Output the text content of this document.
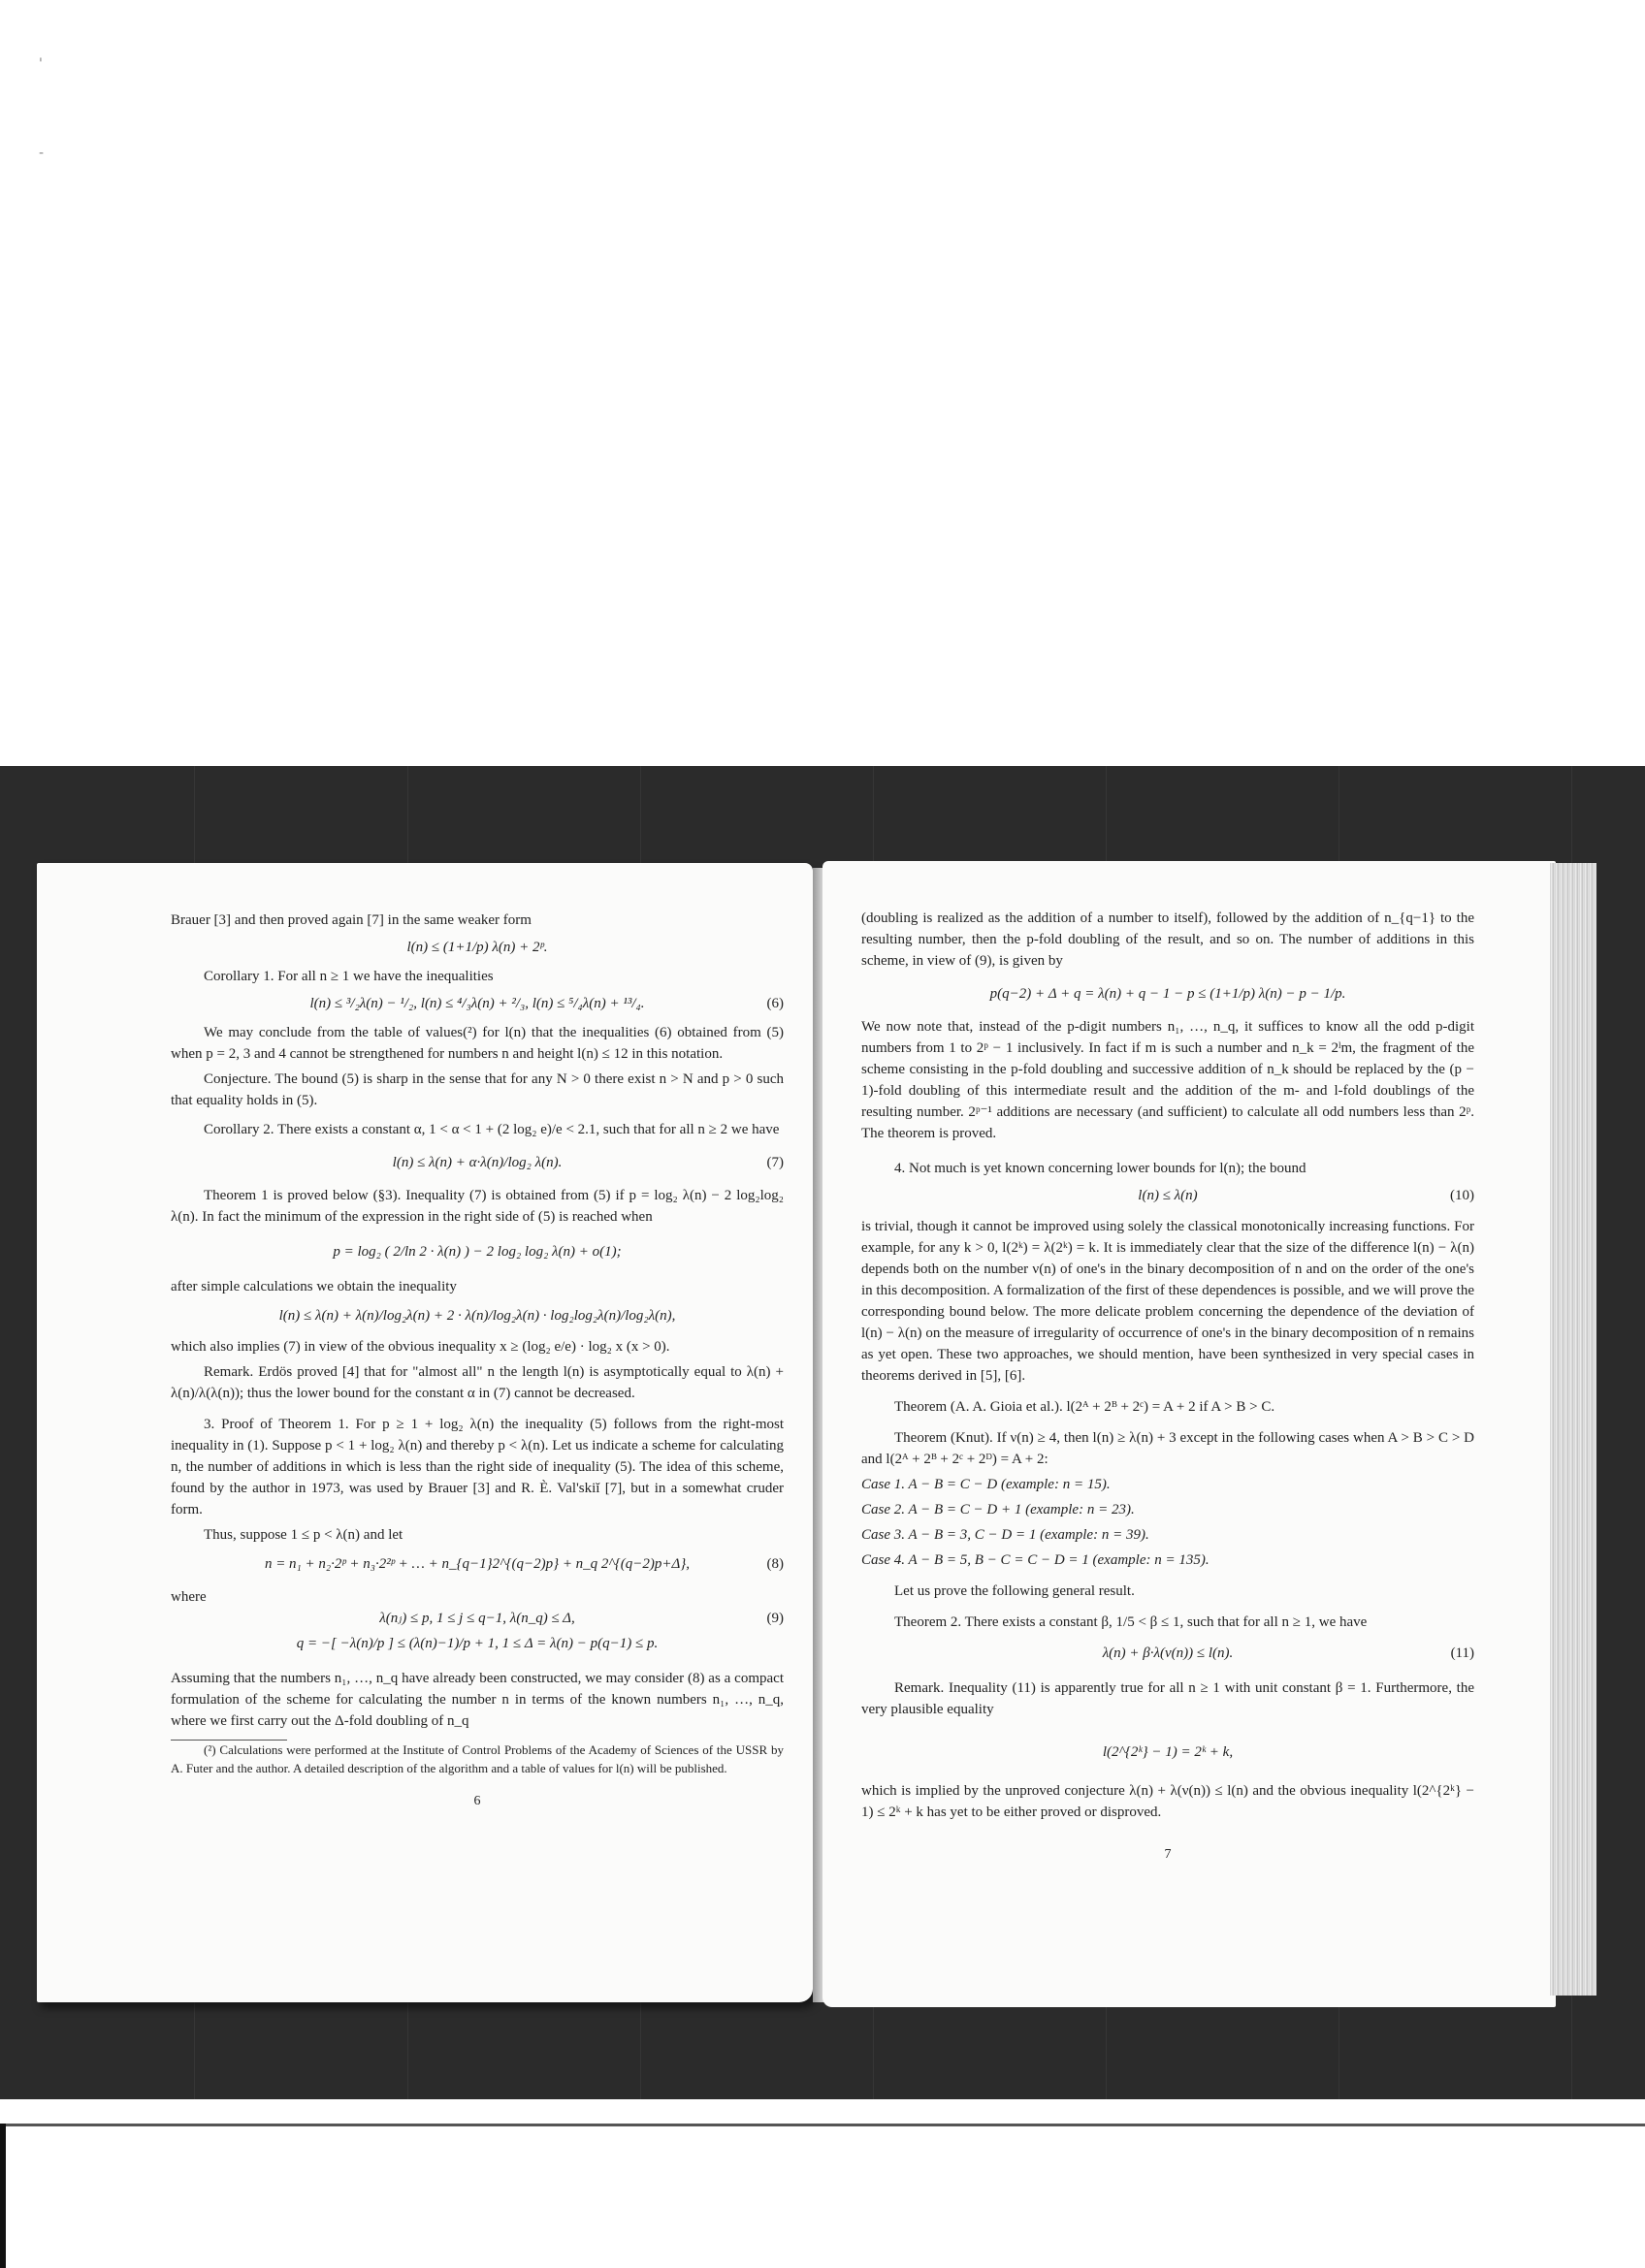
'
-

Brauer [3] and then proved again [7] in the same weaker form

l(n) ≤ (1+1/p) λ(n) + 2ᵖ.

Corollary 1. For all n ≥ 1 we have the inequalities

l(n) ≤ ³/₂λ(n) − ¹/₂, l(n) ≤ ⁴/₃λ(n) + ²/₃, l(n) ≤ ⁵/₄λ(n) + ¹³/₄.	(6)

We may conclude from the table of values(²) for l(n) that the inequalities (6) obtained from (5) when p = 2, 3 and 4 cannot be strengthened for numbers n and height l(n) ≤ 12 in this notation.

Conjecture. The bound (5) is sharp in the sense that for any N > 0 there exist n > N and p > 0 such that equality holds in (5).

Corollary 2. There exists a constant α, 1 < α < 1 + (2 log₂ e)/e < 2.1, such that for all n ≥ 2 we have

l(n) ≤ λ(n) + α·λ(n)/log₂ λ(n).	(7)

Theorem 1 is proved below (§3). Inequality (7) is obtained from (5) if p = log₂ λ(n) − 2 log₂log₂ λ(n). In fact the minimum of the expression in the right side of (5) is reached when

p = log₂ ( 2/ln 2 · λ(n) ) − 2 log₂ log₂ λ(n) + o(1);

after simple calculations we obtain the inequality

l(n) ≤ λ(n) + λ(n)/log₂λ(n) + 2 · λ(n)/log₂λ(n) · log₂log₂λ(n)/log₂λ(n),

which also implies (7) in view of the obvious inequality x ≥ (log₂ e/e) · log₂ x (x > 0).

Remark. Erdös proved [4] that for "almost all" n the length l(n) is asymptotically equal to λ(n) + λ(n)/λ(λ(n)); thus the lower bound for the constant α in (7) cannot be decreased.

3. Proof of Theorem 1. For p ≥ 1 + log₂ λ(n) the inequality (5) follows from the right-most inequality in (1). Suppose p < 1 + log₂ λ(n) and thereby p < λ(n). Let us indicate a scheme for calculating n, the number of additions in which is less than the right side of inequality (5). The idea of this scheme, found by the author in 1973, was used by Brauer [3] and R. È. Val'skiĭ [7], but in a somewhat cruder form.

Thus, suppose 1 ≤ p < λ(n) and let

n = n₁ + n₂·2ᵖ + n₃·2²ᵖ + … + n_{q−1}2^{(q−2)p} + n_q 2^{(q−2)p+Δ},	(8)

where

λ(nⱼ) ≤ p, 1 ≤ j ≤ q−1, λ(n_q) ≤ Δ,	(9)
q = −[ −λ(n)/p ] ≤ (λ(n)−1)/p + 1, 1 ≤ Δ = λ(n) − p(q−1) ≤ p.

Assuming that the numbers n₁, …, n_q have already been constructed, we may consider (8) as a compact formulation of the scheme for calculating the number n in terms of the known numbers n₁, …, n_q, where we first carry out the Δ-fold doubling of n_q

(²) Calculations were performed at the Institute of Control Problems of the Academy of Sciences of the USSR by A. Futer and the author. A detailed description of the algorithm and a table of values for l(n) will be published.

6

(doubling is realized as the addition of a number to itself), followed by the addition of n_{q−1} to the resulting number, then the p-fold doubling of the result, and so on. The number of additions in this scheme, in view of (9), is given by

p(q−2) + Δ + q = λ(n) + q − 1 − p ≤ (1+1/p) λ(n) − p − 1/p.

We now note that, instead of the p-digit numbers n₁, …, n_q, it suffices to know all the odd p-digit numbers from 1 to 2ᵖ − 1 inclusively. In fact if m is such a number and n_k = 2ˡm, the fragment of the scheme consisting in the p-fold doubling and successive addition of n_k should be replaced by the (p − 1)-fold doubling of this intermediate result and the addition of the m- and l-fold doublings of the resulting number. 2ᵖ⁻¹ additions are necessary (and sufficient) to calculate all odd numbers less than 2ᵖ. The theorem is proved.

4. Not much is yet known concerning lower bounds for l(n); the bound

l(n) ≤ λ(n)	(10)

is trivial, though it cannot be improved using solely the classical monotonically increasing functions. For example, for any k > 0, l(2ᵏ) = λ(2ᵏ) = k. It is immediately clear that the size of the difference l(n) − λ(n) depends both on the number ν(n) of one's in the binary decomposition of n and on the order of the one's in this decomposition. A formalization of the first of these dependences is possible, and we will prove the corresponding bound below. The more delicate problem concerning the dependence of the deviation of l(n) − λ(n) on the measure of irregularity of occurrence of one's in the binary decomposition of n remains as yet open. These two approaches, we should mention, have been synthesized in very special cases in theorems derived in [5], [6].

Theorem (A. A. Gioia et al.). l(2ᴬ + 2ᴮ + 2ᶜ) = A + 2 if A > B > C.

Theorem (Knut). If ν(n) ≥ 4, then l(n) ≥ λ(n) + 3 except in the following cases when A > B > C > D and l(2ᴬ + 2ᴮ + 2ᶜ + 2ᴰ) = A + 2:

Case 1. A − B = C − D (example: n = 15).

Case 2. A − B = C − D + 1 (example: n = 23).

Case 3. A − B = 3, C − D = 1 (example: n = 39).

Case 4. A − B = 5, B − C = C − D = 1 (example: n = 135).

Let us prove the following general result.

Theorem 2. There exists a constant β, 1/5 < β ≤ 1, such that for all n ≥ 1, we have

λ(n) + β·λ(ν(n)) ≤ l(n).	(11)

Remark. Inequality (11) is apparently true for all n ≥ 1 with unit constant β = 1. Furthermore, the very plausible equality

l(2^{2ᵏ} − 1) = 2ᵏ + k,

which is implied by the unproved conjecture λ(n) + λ(ν(n)) ≤ l(n) and the obvious inequality l(2^{2ᵏ} − 1) ≤ 2ᵏ + k has yet to be either proved or disproved.

7
